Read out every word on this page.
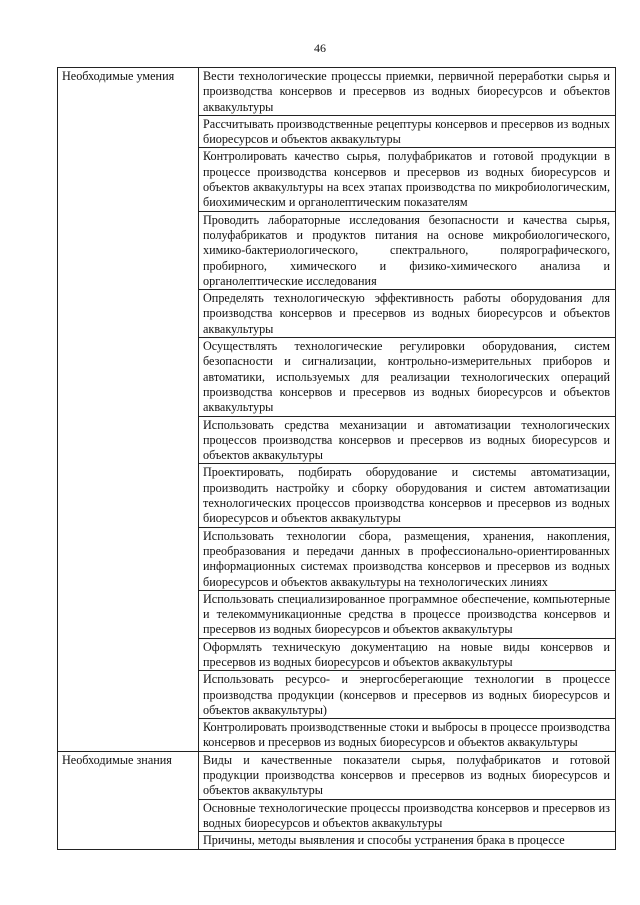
46
Необходимые умения	Вести технологические процессы приемки, первичной переработки сырья и производства консервов и пресервов из водных биоресурсов и объектов аквакультуры
	Рассчитывать производственные рецептуры консервов и пресервов из водных биоресурсов и объектов аквакультуры
	Контролировать качество сырья, полуфабрикатов и готовой продукции в процессе производства консервов и пресервов из водных биоресурсов и объектов аквакультуры на всех этапах производства по микробиологическим, биохимическим и органолептическим показателям
	Проводить лабораторные исследования безопасности и качества сырья, полуфабрикатов и продуктов питания на основе микробиологического, химико-бактериологического, спектрального, полярографического, пробирного, химического и физико-химического анализа и органолептические исследования
	Определять технологическую эффективность работы оборудования для производства консервов и пресервов из водных биоресурсов и объектов аквакультуры
	Осуществлять технологические регулировки оборудования, систем безопасности и сигнализации, контрольно-измерительных приборов и автоматики, используемых для реализации технологических операций производства консервов и пресервов из водных биоресурсов и объектов аквакультуры
	Использовать средства механизации и автоматизации технологических процессов производства консервов и пресервов из водных биоресурсов и объектов аквакультуры
	Проектировать, подбирать оборудование и системы автоматизации, производить настройку и сборку оборудования и систем автоматизации технологических процессов производства консервов и пресервов из водных биоресурсов и объектов аквакультуры
	Использовать технологии сбора, размещения, хранения, накопления, преобразования и передачи данных в профессионально-ориентированных информационных системах производства консервов и пресервов из водных биоресурсов и объектов аквакультуры на технологических линиях
	Использовать специализированное программное обеспечение, компьютерные и телекоммуникационные средства в процессе производства консервов и пресервов из водных биоресурсов и объектов аквакультуры
	Оформлять техническую документацию на новые виды консервов и пресервов из водных биоресурсов и объектов аквакультуры
	Использовать ресурсо- и энергосберегающие технологии в процессе производства продукции (консервов и пресервов из водных биоресурсов и объектов аквакультуры)
	Контролировать производственные стоки и выбросы в процессе производства консервов и пресервов из водных биоресурсов и объектов аквакультуры
Необходимые знания	Виды и качественные показатели сырья, полуфабрикатов и готовой продукции производства консервов и пресервов из водных биоресурсов и объектов аквакультуры
	Основные технологические процессы производства консервов и пресервов из водных биоресурсов и объектов аквакультуры
	Причины, методы выявления и способы устранения брака в процессе
